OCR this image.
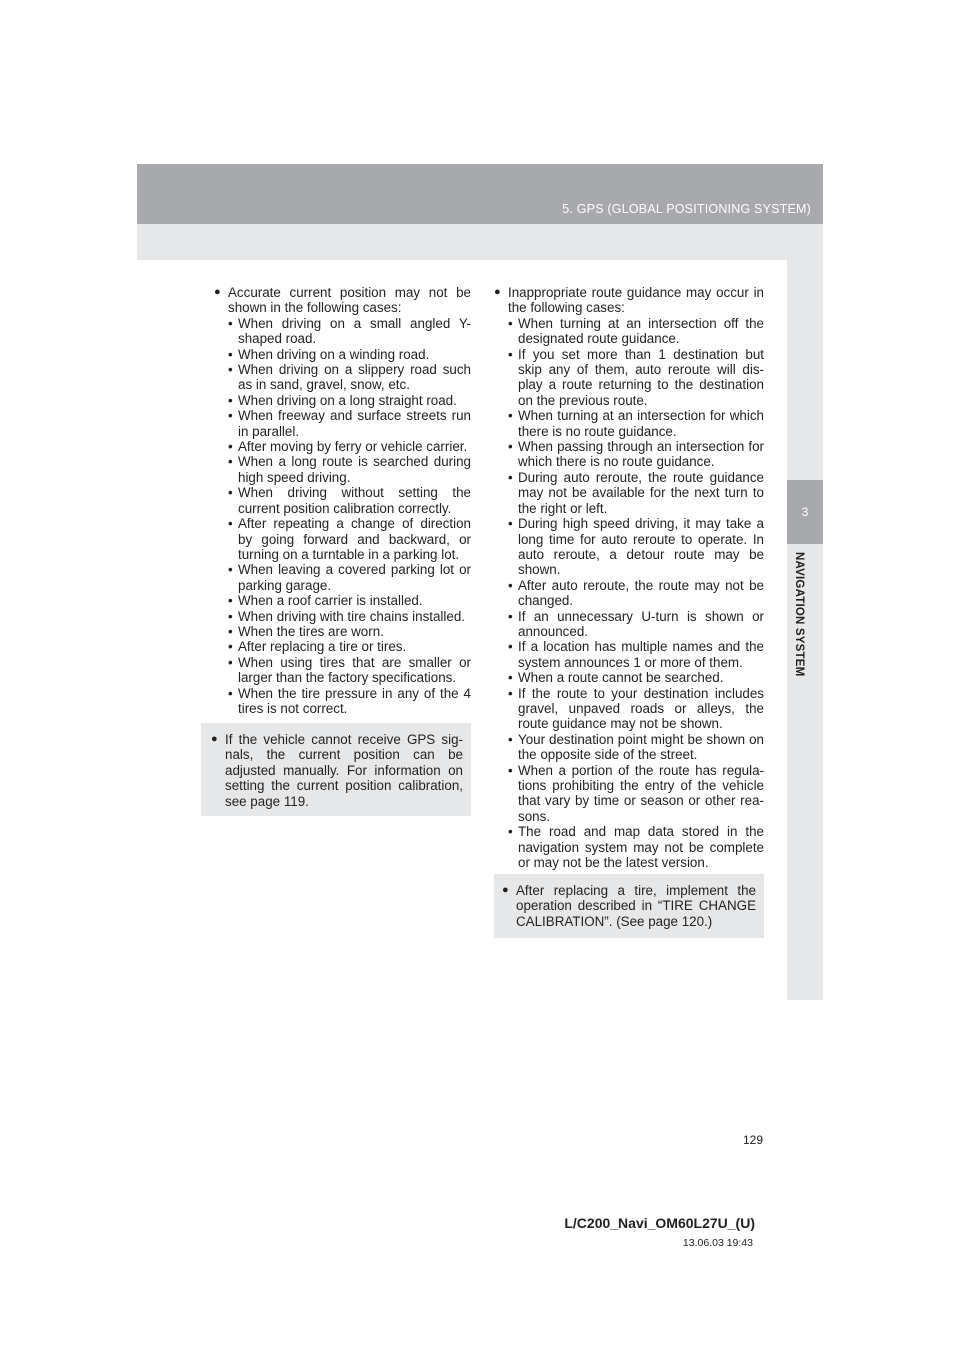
5. GPS (GLOBAL POSITIONING SYSTEM)
3
NAVIGATION SYSTEM
● Accurate current position may not be shown in the following cases:
• When driving on a small angled Y-shaped road.
• When driving on a winding road.
• When driving on a slippery road such as in sand, gravel, snow, etc.
• When driving on a long straight road.
• When freeway and surface streets run in parallel.
• After moving by ferry or vehicle carrier.
• When a long route is searched during high speed driving.
• When driving without setting the current position calibration correctly.
• After repeating a change of direction by going forward and backward, or turning on a turntable in a parking lot.
• When leaving a covered parking lot or parking garage.
• When a roof carrier is installed.
• When driving with tire chains installed.
• When the tires are worn.
• After replacing a tire or tires.
• When using tires that are smaller or larger than the factory specifications.
• When the tire pressure in any of the 4 tires is not correct.
● If the vehicle cannot receive GPS sig-nals, the current position can be adjusted manually. For information on setting the current position calibration, see page 119.
● Inappropriate route guidance may occur in the following cases:
• When turning at an intersection off the designated route guidance.
• If you set more than 1 destination but skip any of them, auto reroute will dis-play a route returning to the destination on the previous route.
• When turning at an intersection for which there is no route guidance.
• When passing through an intersection for which there is no route guidance.
• During auto reroute, the route guidance may not be available for the next turn to the right or left.
• During high speed driving, it may take a long time for auto reroute to operate. In auto reroute, a detour route may be shown.
• After auto reroute, the route may not be changed.
• If an unnecessary U-turn is shown or announced.
• If a location has multiple names and the system announces 1 or more of them.
• When a route cannot be searched.
• If the route to your destination includes gravel, unpaved roads or alleys, the route guidance may not be shown.
• Your destination point might be shown on the opposite side of the street.
• When a portion of the route has regula-tions prohibiting the entry of the vehicle that vary by time or season or other rea-sons.
• The road and map data stored in the navigation system may not be complete or may not be the latest version.
● After replacing a tire, implement the operation described in “TIRE CHANGE CALIBRATION”. (See page 120.)
129
L/C200_Navi_OM60L27U_(U)
13.06.03 19:43
